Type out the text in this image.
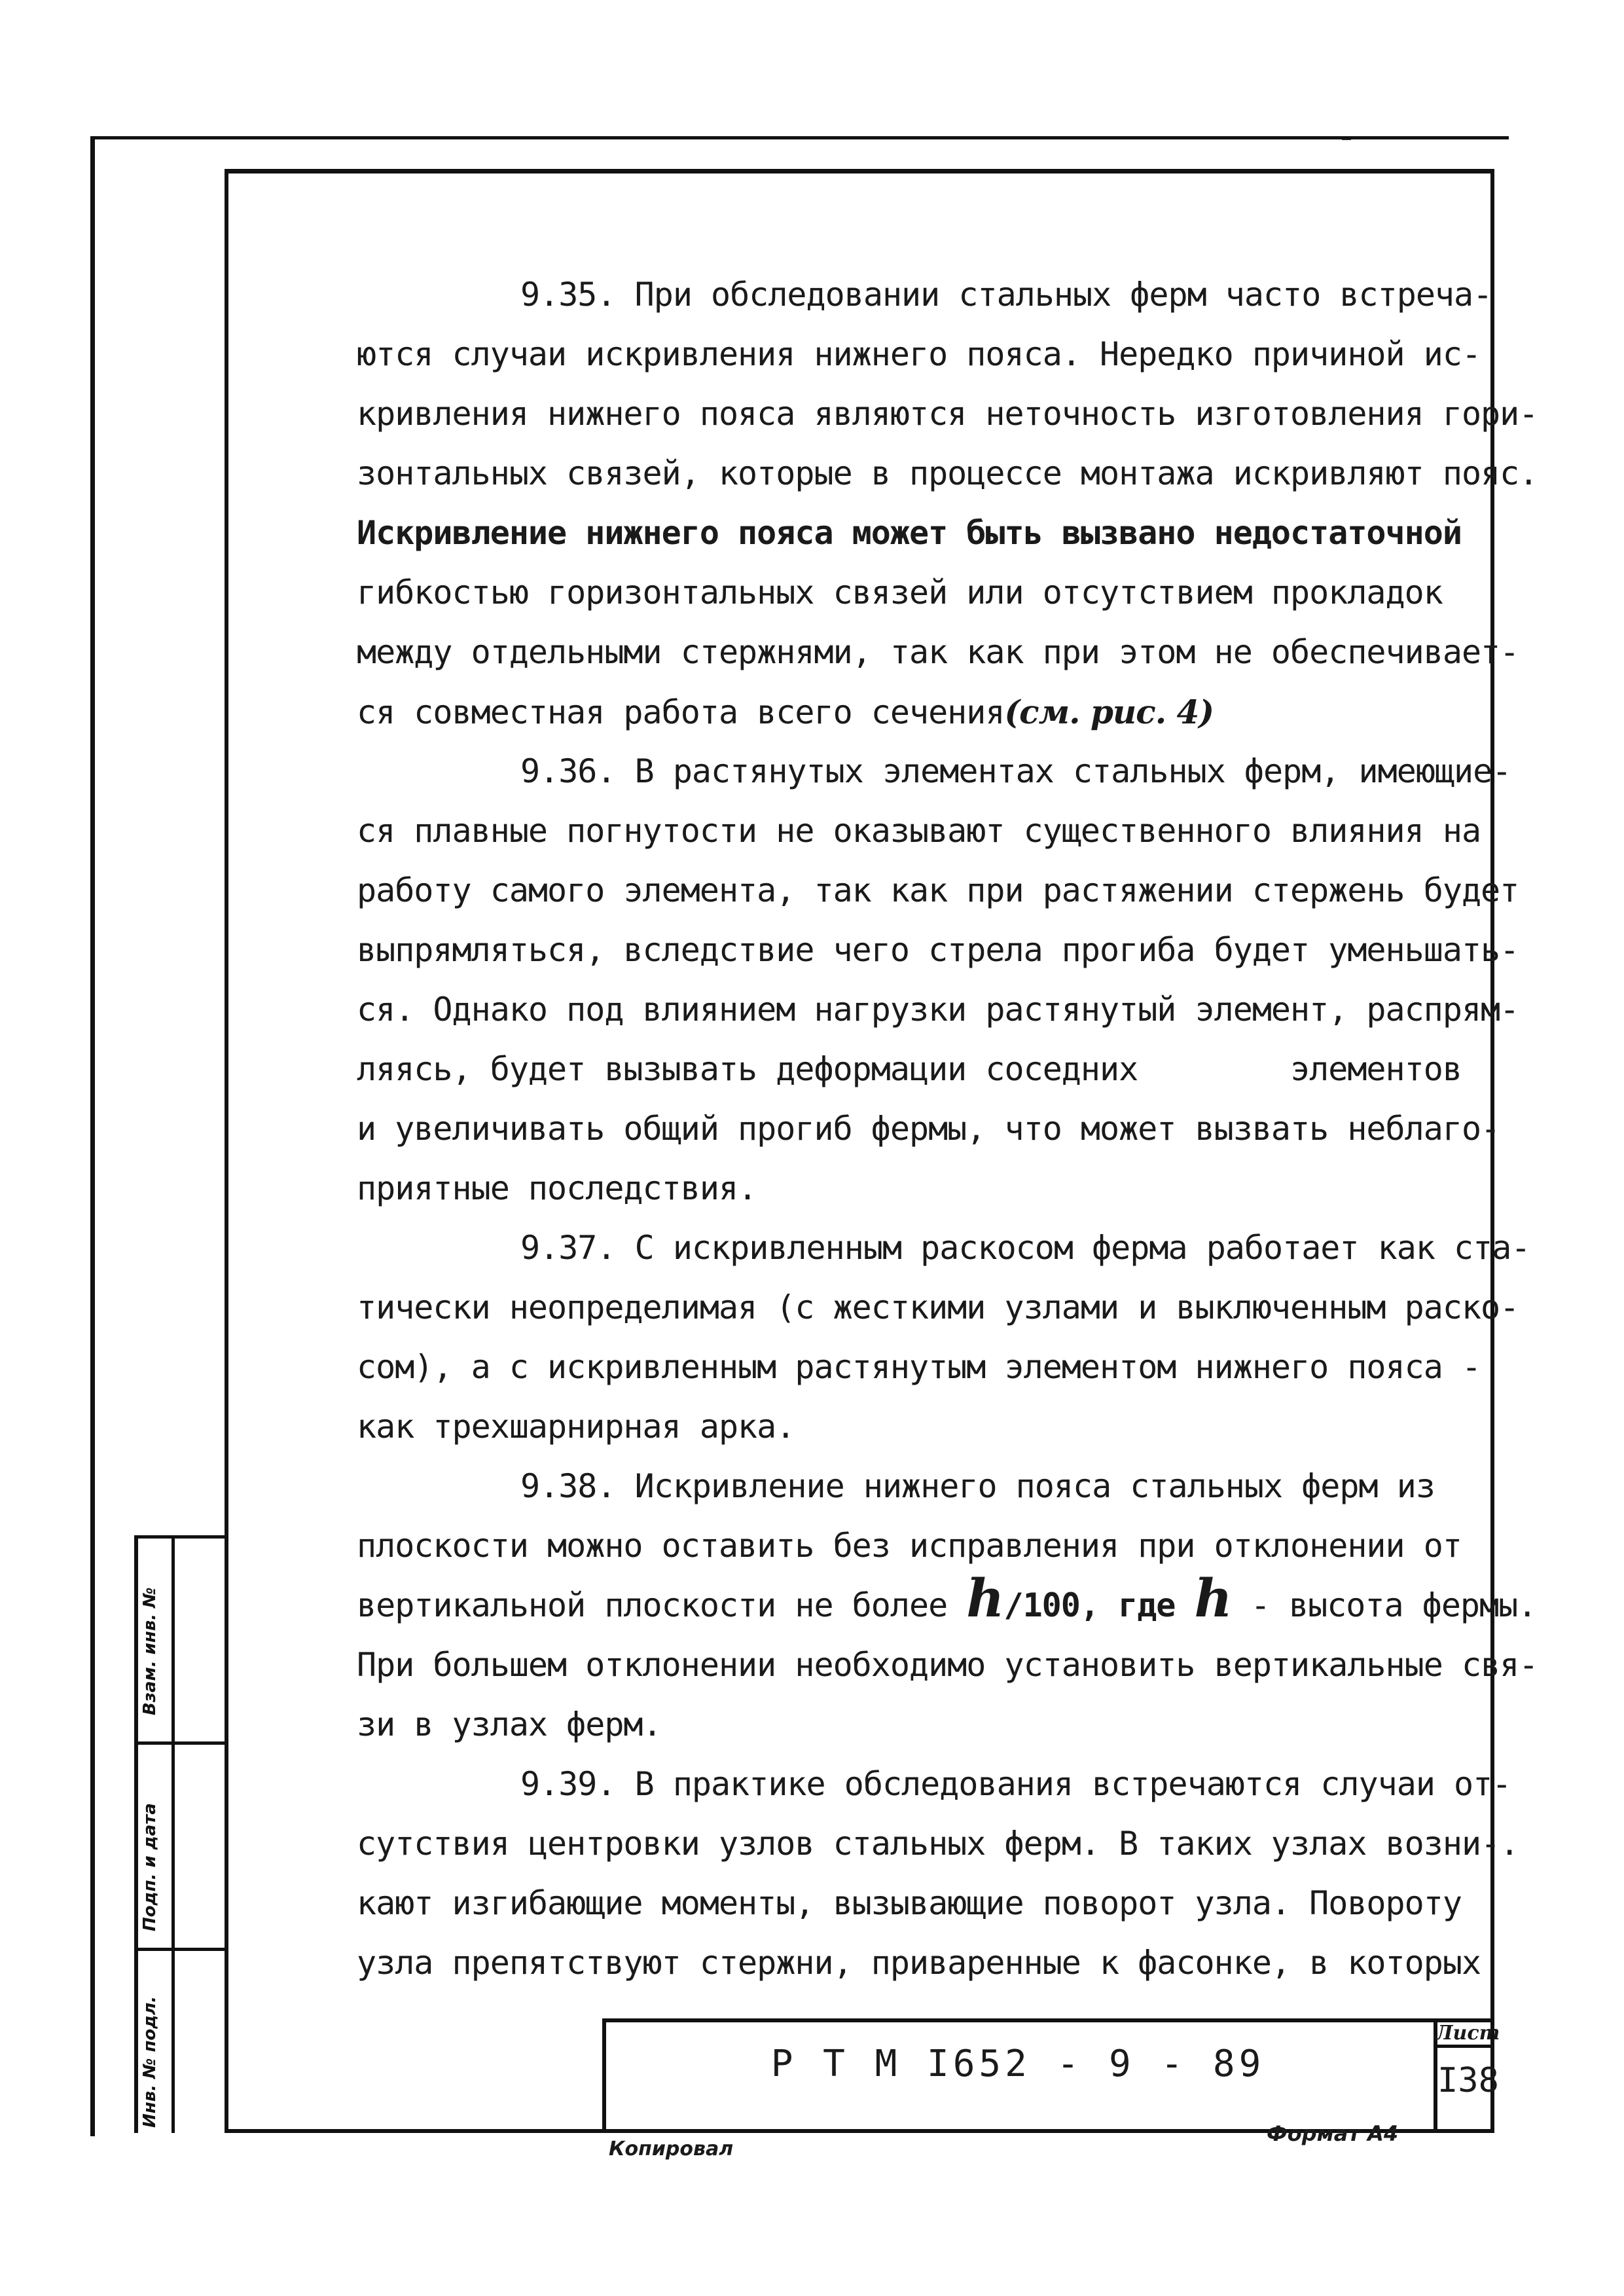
9.35. При обследовании стальных ферм часто встреча-
ются случаи искривления нижнего пояса. Нередко причиной ис-
кривления нижнего пояса являются неточность изготовления гори-
зонтальных связей, которые в процессе монтажа искривляют пояс.
Искривление нижнего пояса может быть вызвано недостаточной
гибкостью горизонтальных связей или отсутствием прокладок
между отдельными стержнями, так как при этом не обеспечивает-
ся совместная работа всего сечения(см. рис. 4)
9.36. В растянутых элементах стальных ферм, имеющие-
ся плавные погнутости не оказывают существенного влияния на
работу самого элемента, так как при растяжении стержень будет
выпрямляться, вследствие чего стрела прогиба будет уменьшать-
ся. Однако под влиянием нагрузки растянутый элемент, распрям-
ляясь, будет вызывать деформации соседних        элементов
и увеличивать общий прогиб фермы, что может вызвать неблаго-
приятные последствия.
9.37. С искривленным раскосом ферма работает как ста-
тически неопределимая (с жесткими узлами и выключенным раско-
сом), а с искривленным растянутым элементом нижнего пояса -
как трехшарнирная арка.
9.38. Искривление нижнего пояса стальных ферм из
плоскости можно оставить без исправления при отклонении от
вертикальной плоскости не более h/100, где h - высота фермы.
При большем отклонении необходимо установить вертикальные свя-
зи в узлах ферм.
9.39. В практике обследования встречаются случаи от-
сутствия центровки узлов стальных ферм. В таких узлах возни-.
кают изгибающие моменты, вызывающие поворот узла. Повороту
узла препятствуют стержни, приваренные к фасонке, в которых
Р Т М I652 - 9 - 89
Лист
I38
Инв. № подл.
Подп. и дата
Взам. инв. №
Копировал
Формат А4
